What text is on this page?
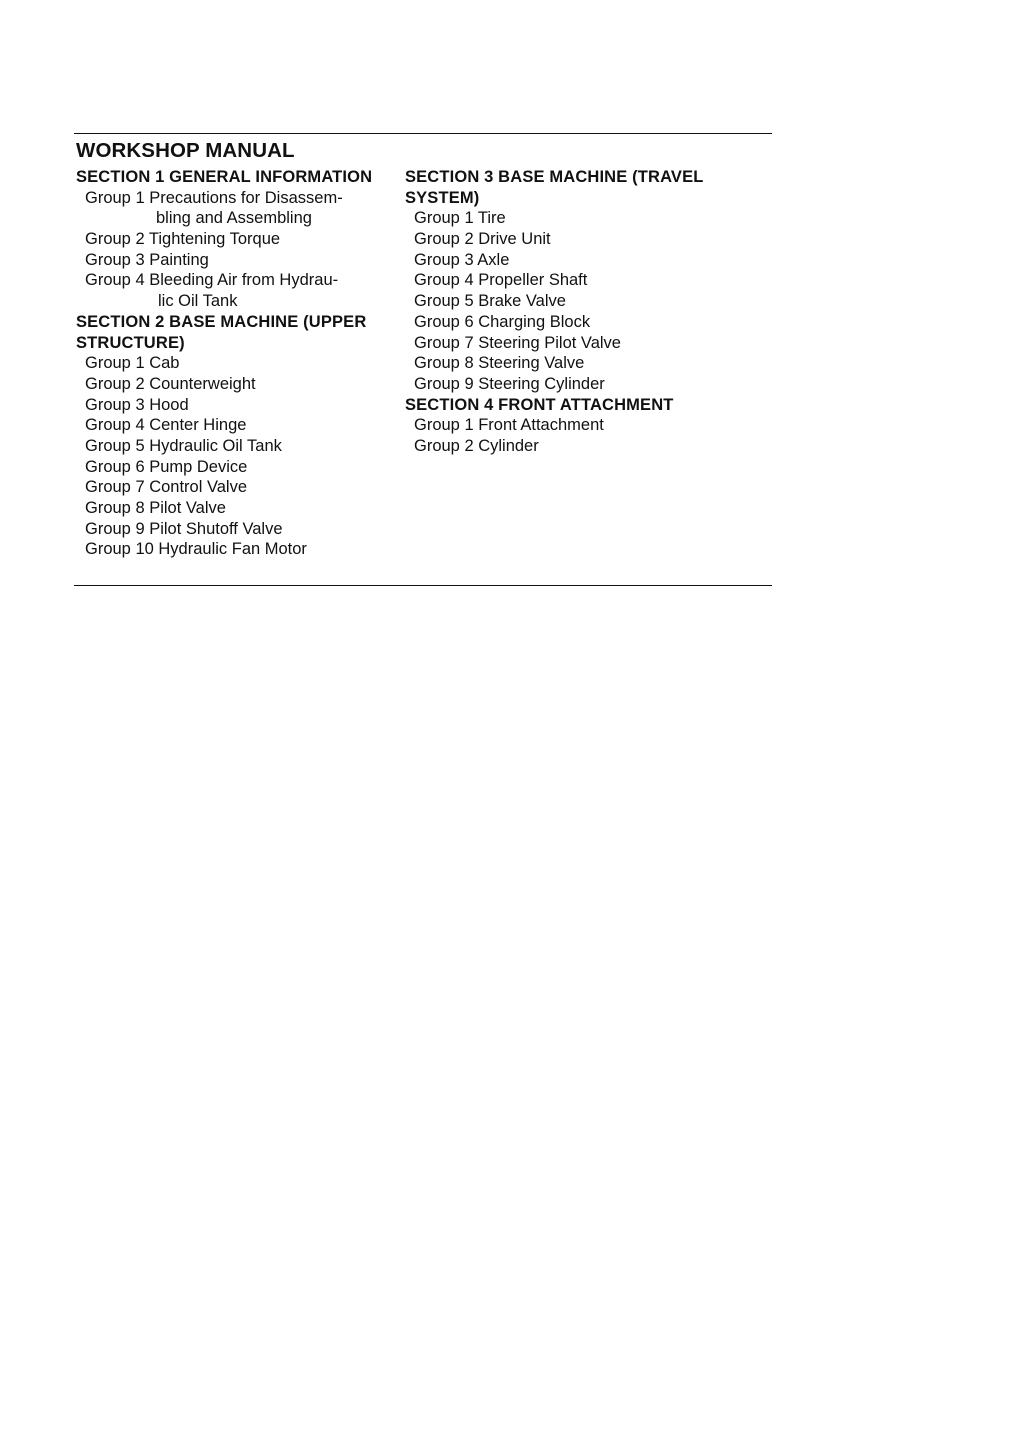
WORKSHOP MANUAL
SECTION 1 GENERAL INFORMATION
Group 1 Precautions for Disassem-
bling and Assembling
Group 2 Tightening Torque
Group 3 Painting
Group 4 Bleeding Air from Hydrau-
lic Oil Tank
SECTION 2 BASE MACHINE (UPPER
STRUCTURE)
Group 1 Cab
Group 2 Counterweight
Group 3 Hood
Group 4 Center Hinge
Group 5 Hydraulic Oil Tank
Group 6 Pump Device
Group 7 Control Valve
Group 8 Pilot Valve
Group 9 Pilot Shutoff Valve
Group 10 Hydraulic Fan Motor
SECTION 3 BASE MACHINE (TRAVEL
SYSTEM)
Group 1 Tire
Group 2 Drive Unit
Group 3 Axle
Group 4 Propeller Shaft
Group 5 Brake Valve
Group 6 Charging Block
Group 7 Steering Pilot Valve
Group 8 Steering Valve
Group 9 Steering Cylinder
SECTION 4 FRONT ATTACHMENT
Group 1 Front Attachment
Group 2 Cylinder
